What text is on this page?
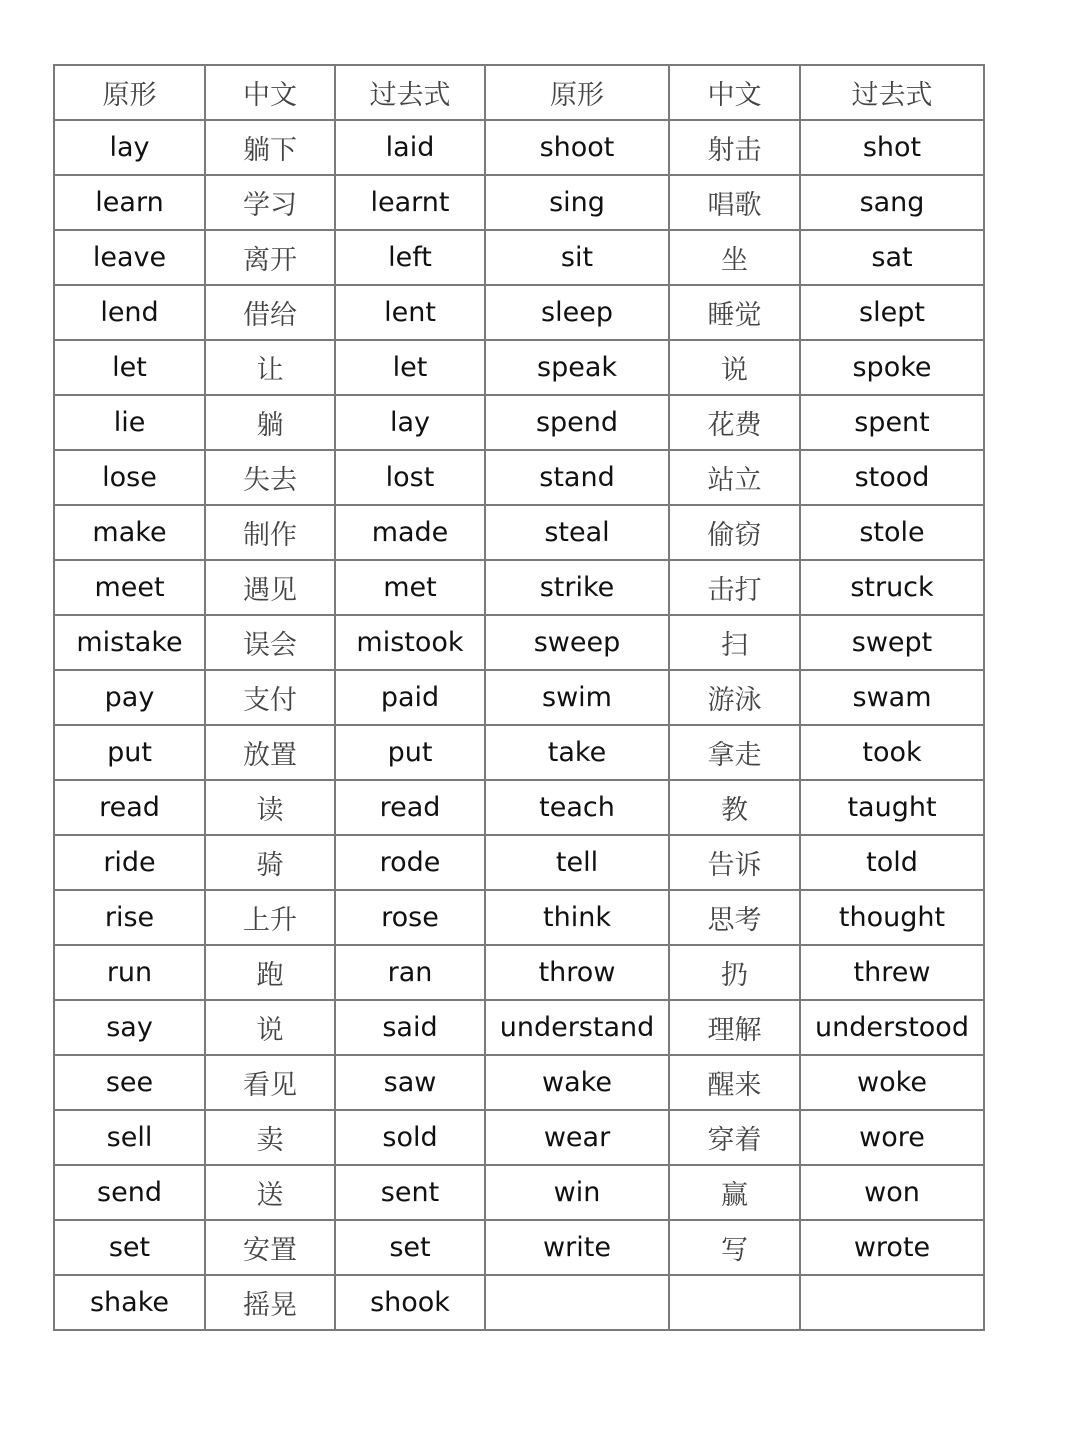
原形	中文	过去式	原形	中文	过去式
lay	躺下	laid	shoot	射击	shot
learn	学习	learnt	sing	唱歌	sang
leave	离开	left	sit	坐	sat
lend	借给	lent	sleep	睡觉	slept
let	让	let	speak	说	spoke
lie	躺	lay	spend	花费	spent
lose	失去	lost	stand	站立	stood
make	制作	made	steal	偷窃	stole
meet	遇见	met	strike	击打	struck
mistake	误会	mistook	sweep	扫	swept
pay	支付	paid	swim	游泳	swam
put	放置	put	take	拿走	took
read	读	read	teach	教	taught
ride	骑	rode	tell	告诉	told
rise	上升	rose	think	思考	thought
run	跑	ran	throw	扔	threw
say	说	said	understand	理解	understood
see	看见	saw	wake	醒来	woke
sell	卖	sold	wear	穿着	wore
send	送	sent	win	赢	won
set	安置	set	write	写	wrote
shake	摇晃	shook			
